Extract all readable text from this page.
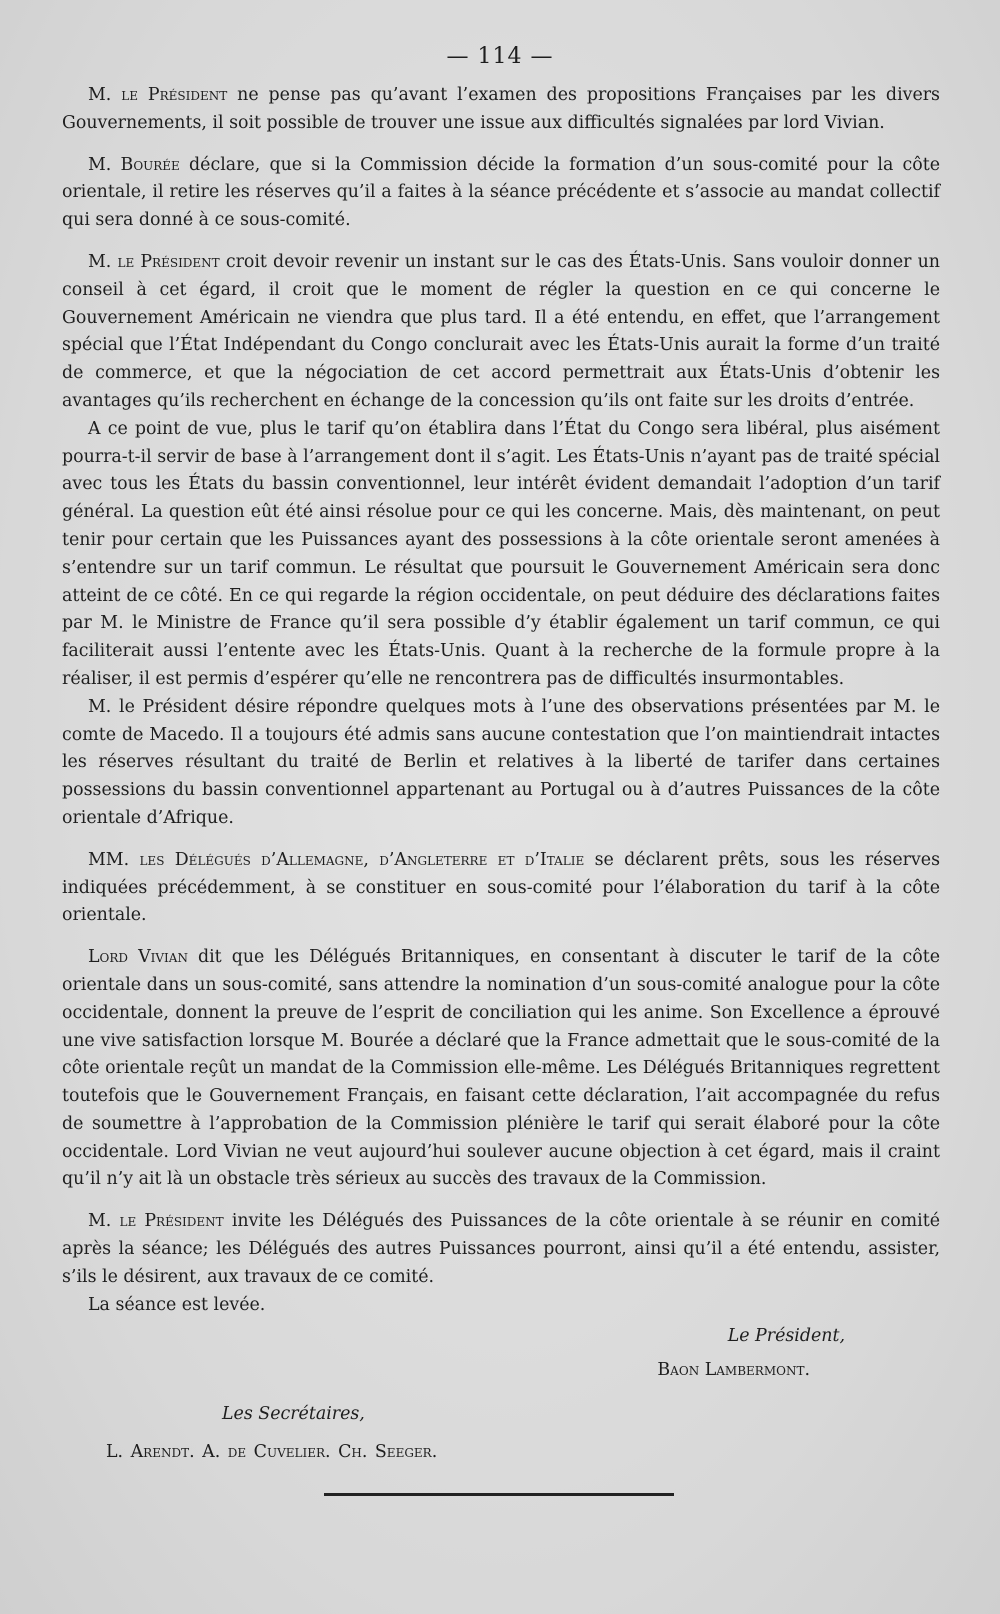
— 114 —

M. le Président ne pense pas qu’avant l’examen des propositions Françaises par les divers Gouvernements, il soit possible de trouver une issue aux difficultés signalées par lord Vivian.

M. Bourée déclare, que si la Commission décide la formation d’un sous-comité pour la côte orientale, il retire les réserves qu’il a faites à la séance précédente et s’associe au mandat collectif qui sera donné à ce sous-comité.

M. le Président croit devoir revenir un instant sur le cas des États-Unis. Sans vouloir donner un conseil à cet égard, il croit que le moment de régler la question en ce qui concerne le Gouvernement Américain ne viendra que plus tard. Il a été entendu, en effet, que l’arrangement spécial que l’État Indépendant du Congo conclurait avec les États-Unis aurait la forme d’un traité de commerce, et que la négociation de cet accord permettrait aux États-Unis d’obtenir les avantages qu’ils recherchent en échange de la concession qu’ils ont faite sur les droits d’entrée.

A ce point de vue, plus le tarif qu’on établira dans l’État du Congo sera libéral, plus aisément pourra-t-il servir de base à l’arrangement dont il s’agit. Les États-Unis n’ayant pas de traité spécial avec tous les États du bassin conventionnel, leur intérêt évident demandait l’adoption d’un tarif général. La question eût été ainsi résolue pour ce qui les concerne. Mais, dès maintenant, on peut tenir pour certain que les Puissances ayant des possessions à la côte orientale seront amenées à s’entendre sur un tarif commun. Le résultat que poursuit le Gouvernement Américain sera donc atteint de ce côté. En ce qui regarde la région occidentale, on peut déduire des déclarations faites par M. le Ministre de France qu’il sera possible d’y établir également un tarif commun, ce qui faciliterait aussi l’entente avec les États-Unis. Quant à la recherche de la formule propre à la réaliser, il est permis d’espérer qu’elle ne rencontrera pas de difficultés insurmontables.

M. le Président désire répondre quelques mots à l’une des observations présentées par M. le comte de Macedo. Il a toujours été admis sans aucune contestation que l’on maintiendrait intactes les réserves résultant du traité de Berlin et relatives à la liberté de tarifer dans certaines possessions du bassin conventionnel appartenant au Portugal ou à d’autres Puissances de la côte orientale d’Afrique.

MM. les Délégués d’Allemagne, d’Angleterre et d’Italie se déclarent prêts, sous les réserves indiquées précédemment, à se constituer en sous-comité pour l’élaboration du tarif à la côte orientale.

Lord Vivian dit que les Délégués Britanniques, en consentant à discuter le tarif de la côte orientale dans un sous-comité, sans attendre la nomination d’un sous-comité analogue pour la côte occidentale, donnent la preuve de l’esprit de conciliation qui les anime. Son Excellence a éprouvé une vive satisfaction lorsque M. Bourée a déclaré que la France admettait que le sous-comité de la côte orientale reçût un mandat de la Commission elle-même. Les Délégués Britanniques regrettent toutefois que le Gouvernement Français, en faisant cette déclaration, l’ait accompagnée du refus de soumettre à l’approbation de la Commission plénière le tarif qui serait élaboré pour la côte occidentale. Lord Vivian ne veut aujourd’hui soulever aucune objection à cet égard, mais il craint qu’il n’y ait là un obstacle très sérieux au succès des travaux de la Commission.

M. le Président invite les Délégués des Puissances de la côte orientale à se réunir en comité après la séance; les Délégués des autres Puissances pourront, ainsi qu’il a été entendu, assister, s’ils le désirent, aux travaux de ce comité.

La séance est levée.

Le Président,
Baon Lambermont.
Les Secrétaires,
L. Arendt. A. de Cuvelier. Ch. Seeger.
